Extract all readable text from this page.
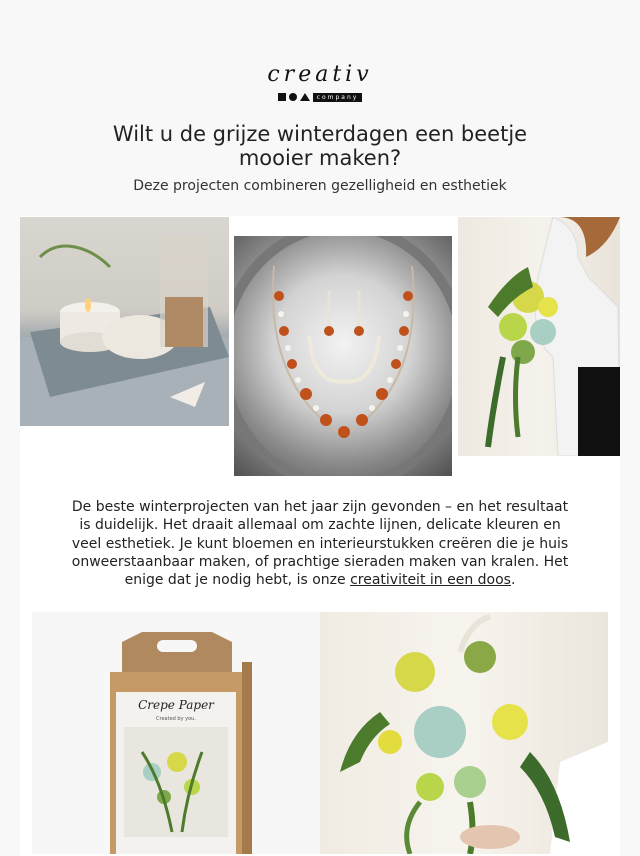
creativ
company
Wilt u de grijze winterdagen een beetje mooier maken?

Deze projecten combineren gezelligheid en esthetiek

De beste winterprojecten van het jaar zijn gevonden – en het resultaat is duidelijk. Het draait allemaal om zachte lijnen, delicate kleuren en veel esthetiek. Je kunt bloemen en interieurstukken creëren die je huis onweerstaanbaar maken, of prachtige sieraden maken van kralen. Het enige dat je nodig hebt, is onze creativiteit in een doos.

Crepe Paper
Created by you.
